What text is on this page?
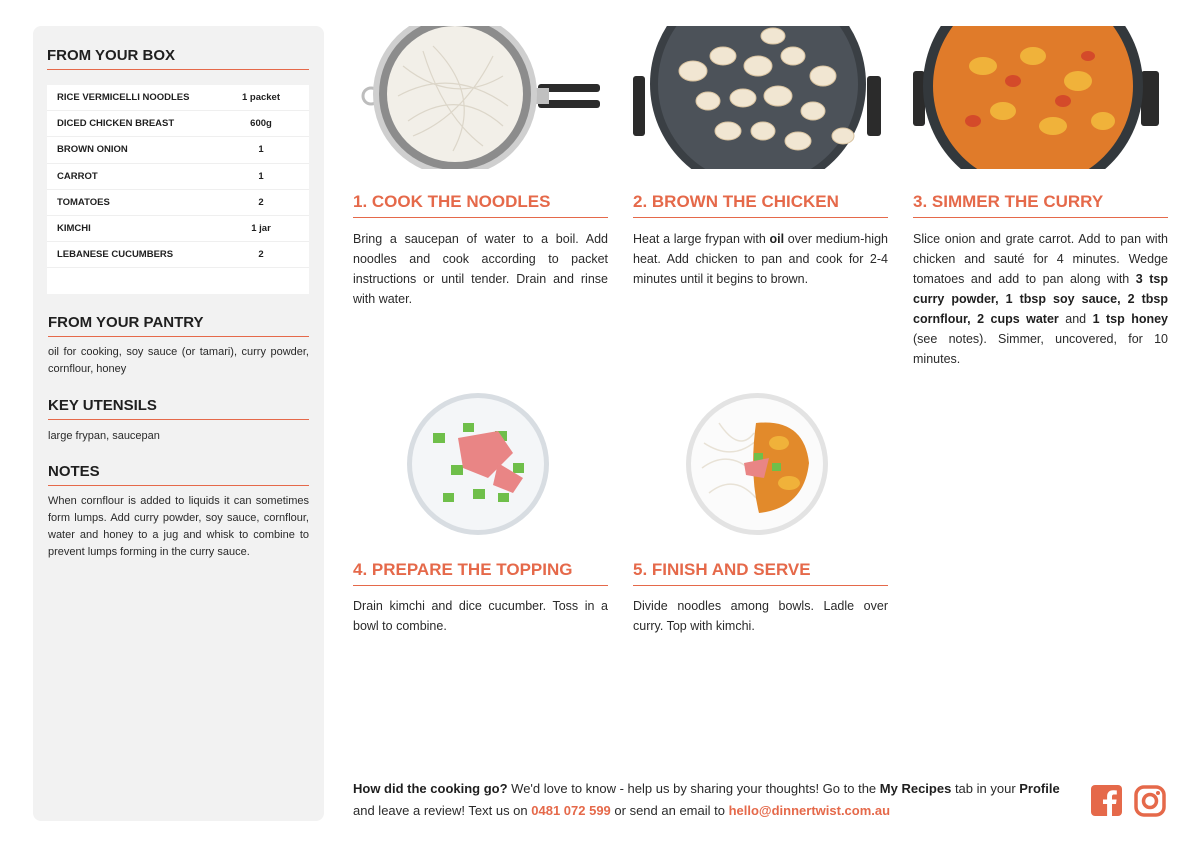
FROM YOUR BOX
RICE VERMICELLI NOODLES	1 packet
DICED CHICKEN BREAST	600g
BROWN ONION	1
CARROT	1
TOMATOES	2
KIMCHI	1 jar
LEBANESE CUCUMBERS	2
FROM YOUR PANTRY
oil for cooking, soy sauce (or tamari), curry powder, cornflour, honey
KEY UTENSILS
large frypan, saucepan
NOTES
When cornflour is added to liquids it can sometimes form lumps. Add curry powder, soy sauce, cornflour, water and honey to a jug and whisk to combine to prevent lumps forming in the curry sauce.
1. COOK THE NOODLES
Bring a saucepan of water to a boil. Add noodles and cook according to packet instructions or until tender. Drain and rinse with water.
2. BROWN THE CHICKEN
Heat a large frypan with oil over medium-high heat. Add chicken to pan and cook for 2-4 minutes until it begins to brown.
3. SIMMER THE CURRY
Slice onion and grate carrot. Add to pan with chicken and sauté for 4 minutes. Wedge tomatoes and add to pan along with 3 tsp curry powder, 1 tbsp soy sauce, 2 tbsp cornflour, 2 cups water and 1 tsp honey (see notes). Simmer, uncovered, for 10 minutes.
4. PREPARE THE TOPPING
Drain kimchi and dice cucumber. Toss in a bowl to combine.
5. FINISH AND SERVE
Divide noodles among bowls. Ladle over curry. Top with kimchi.
How did the cooking go? We'd love to know - help us by sharing your thoughts! Go to the My Recipes tab in your Profile and leave a review! Text us on 0481 072 599 or send an email to hello@dinnertwist.com.au
